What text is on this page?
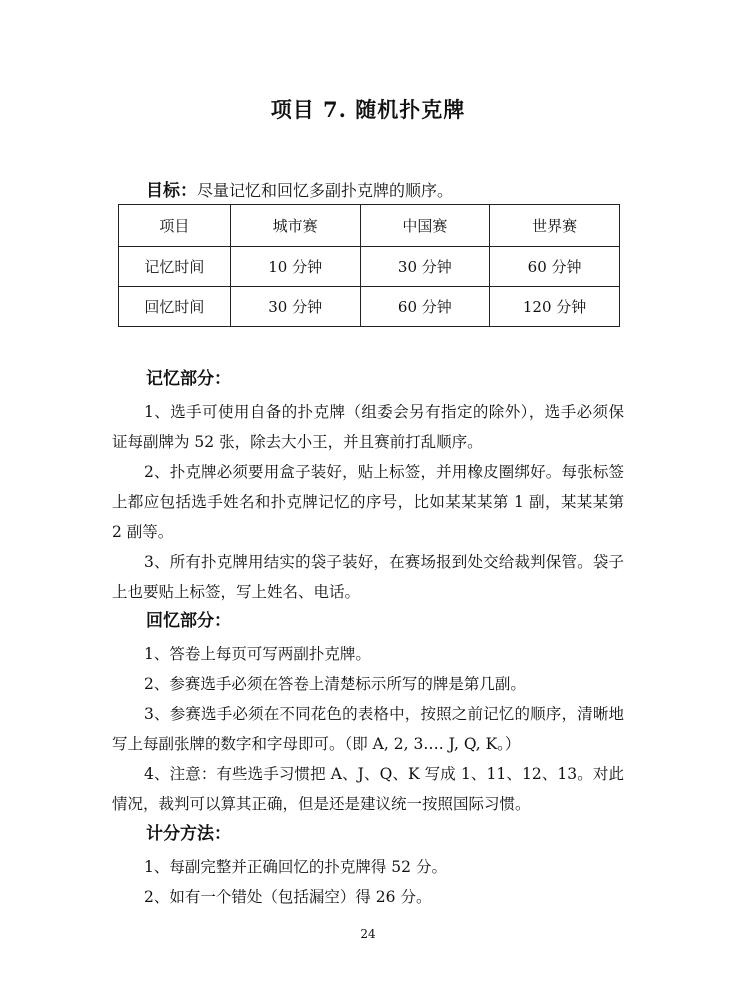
项目 7. 随机扑克牌
目标：尽量记忆和回忆多副扑克牌的顺序。
项目	城市赛	中国赛	世界赛
记忆时间	10 分钟	30 分钟	60 分钟
回忆时间	30 分钟	60 分钟	120 分钟
记忆部分：

1、选手可使用自备的扑克牌（组委会另有指定的除外），选手必须保证每副牌为 52 张，除去大小王，并且赛前打乱顺序。

2、扑克牌必须要用盒子装好，贴上标签，并用橡皮圈绑好。每张标签上都应包括选手姓名和扑克牌记忆的序号，比如某某某第 1 副，某某某第 2 副等。

3、所有扑克牌用结实的袋子装好，在赛场报到处交给裁判保管。袋子上也要贴上标签，写上姓名、电话。

回忆部分：

1、答卷上每页可写两副扑克牌。

2、参赛选手必须在答卷上清楚标示所写的牌是第几副。

3、参赛选手必须在不同花色的表格中，按照之前记忆的顺序，清晰地写上每副张牌的数字和字母即可。（即 A, 2, 3…. J, Q, K。）

4、注意：有些选手习惯把 A、J、Q、K 写成 1、11、12、13。对此情况，裁判可以算其正确，但是还是建议统一按照国际习惯。

计分方法：

1、每副完整并正确回忆的扑克牌得 52 分。

2、如有一个错处（包括漏空）得 26 分。

24
